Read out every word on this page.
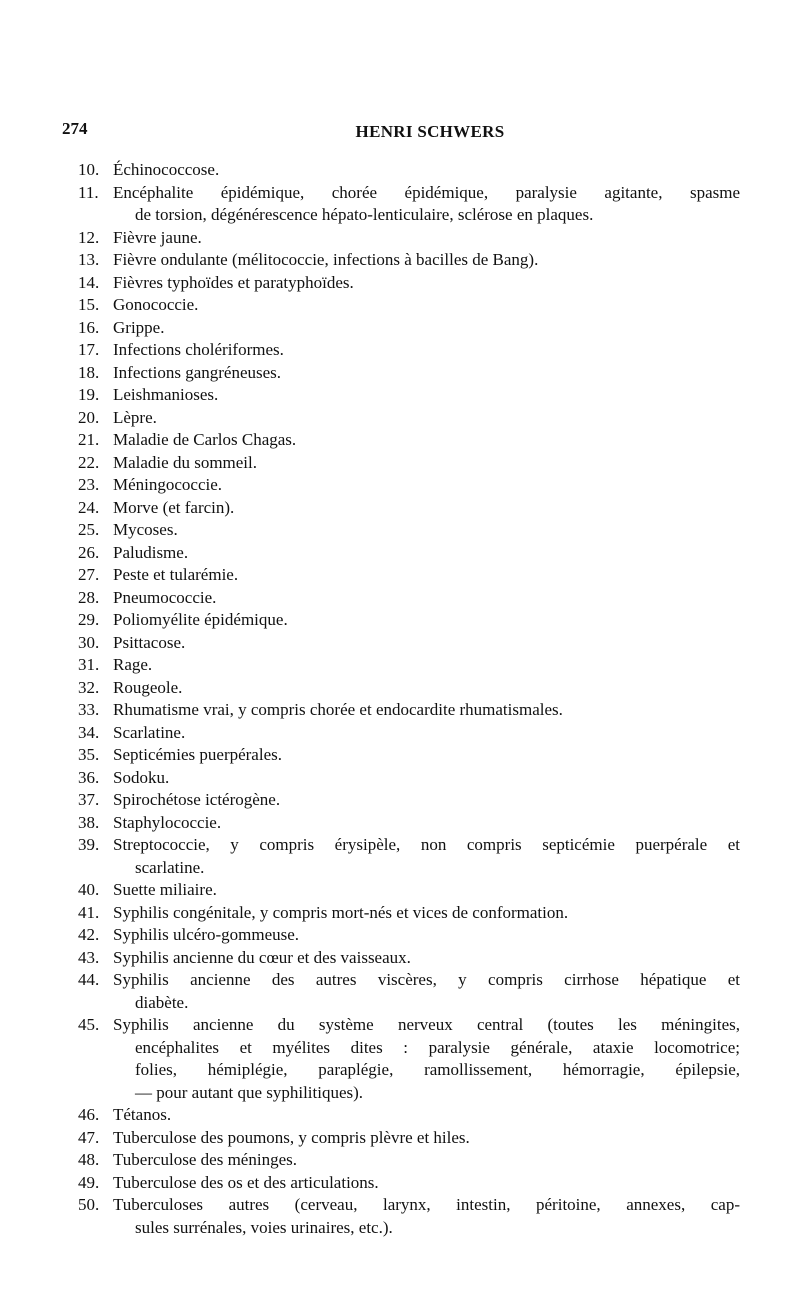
274	HENRI SCHWERS
10. Échinococcose.
11. Encéphalite épidémique, chorée épidémique, paralysie agitante, spasme
de torsion, dégénérescence hépato-lenticulaire, sclérose en plaques.
12. Fièvre jaune.
13. Fièvre ondulante (mélitococcie, infections à bacilles de Bang).
14. Fièvres typhoïdes et paratyphoïdes.
15. Gonococcie.
16. Grippe.
17. Infections cholériformes.
18. Infections gangréneuses.
19. Leishmanioses.
20. Lèpre.
21. Maladie de Carlos Chagas.
22. Maladie du sommeil.
23. Méningococcie.
24. Morve (et farcin).
25. Mycoses.
26. Paludisme.
27. Peste et tularémie.
28. Pneumococcie.
29. Poliomyélite épidémique.
30. Psittacose.
31. Rage.
32. Rougeole.
33. Rhumatisme vrai, y compris chorée et endocardite rhumatismales.
34. Scarlatine.
35. Septicémies puerpérales.
36. Sodoku.
37. Spirochétose ictérogène.
38. Staphylococcie.
39. Streptococcie, y compris érysipèle, non compris septicémie puerpérale et
scarlatine.
40. Suette miliaire.
41. Syphilis congénitale, y compris mort-nés et vices de conformation.
42. Syphilis ulcéro-gommeuse.
43. Syphilis ancienne du cœur et des vaisseaux.
44. Syphilis ancienne des autres viscères, y compris cirrhose hépatique et
diabète.
45. Syphilis ancienne du système nerveux central (toutes les méningites,
encéphalites et myélites dites : paralysie générale, ataxie locomotrice;
folies, hémiplégie, paraplégie, ramollissement, hémorragie, épilepsie,
— pour autant que syphilitiques).
46. Tétanos.
47. Tuberculose des poumons, y compris plèvre et hiles.
48. Tuberculose des méninges.
49. Tuberculose des os et des articulations.
50. Tuberculoses autres (cerveau, larynx, intestin, péritoine, annexes, cap-
sules surrénales, voies urinaires, etc.).
